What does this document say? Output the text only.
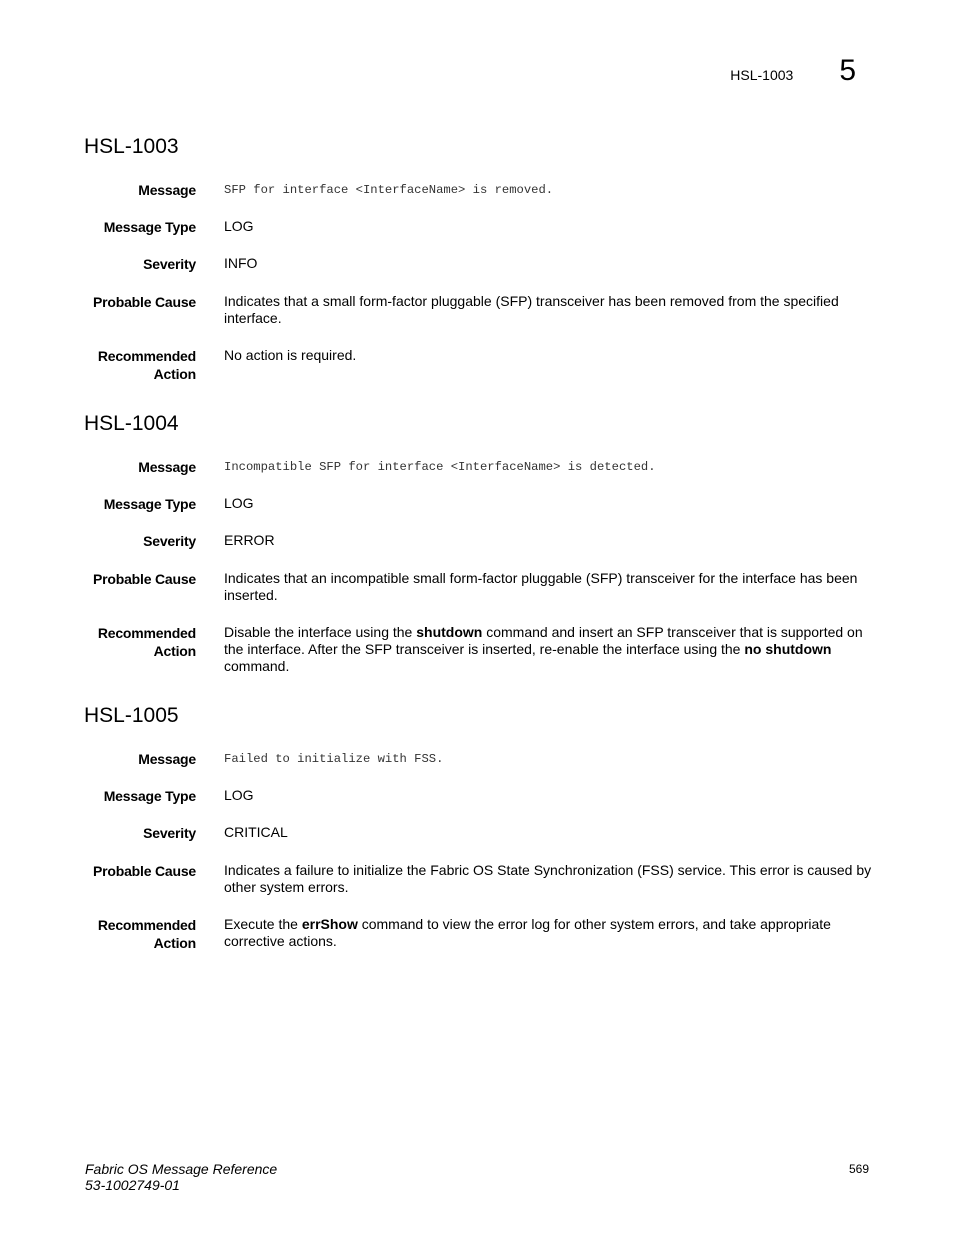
HSL-1003 5
HSL-1003
Message SFP for interface <InterfaceName> is removed.
Message Type LOG
Severity INFO
Probable Cause Indicates that a small form-factor pluggable (SFP) transceiver has been removed from the specified interface.
Recommended
Action
No action is required.
HSL-1004
Message Incompatible SFP for interface <InterfaceName> is detected.
Message Type LOG
Severity ERROR
Probable Cause Indicates that an incompatible small form-factor pluggable (SFP) transceiver for the interface has been inserted.
Recommended
Action
Disable the interface using the shutdown command and insert an SFP transceiver that is supported on the interface. After the SFP transceiver is inserted, re-enable the interface using the no shutdown command.
HSL-1005
Message Failed to initialize with FSS.
Message Type LOG
Severity CRITICAL
Probable Cause Indicates a failure to initialize the Fabric OS State Synchronization (FSS) service. This error is caused by other system errors.
Recommended
Action
Execute the errShow command to view the error log for other system errors, and take appropriate corrective actions.
Fabric OS Message Reference
53-1002749-01
569
